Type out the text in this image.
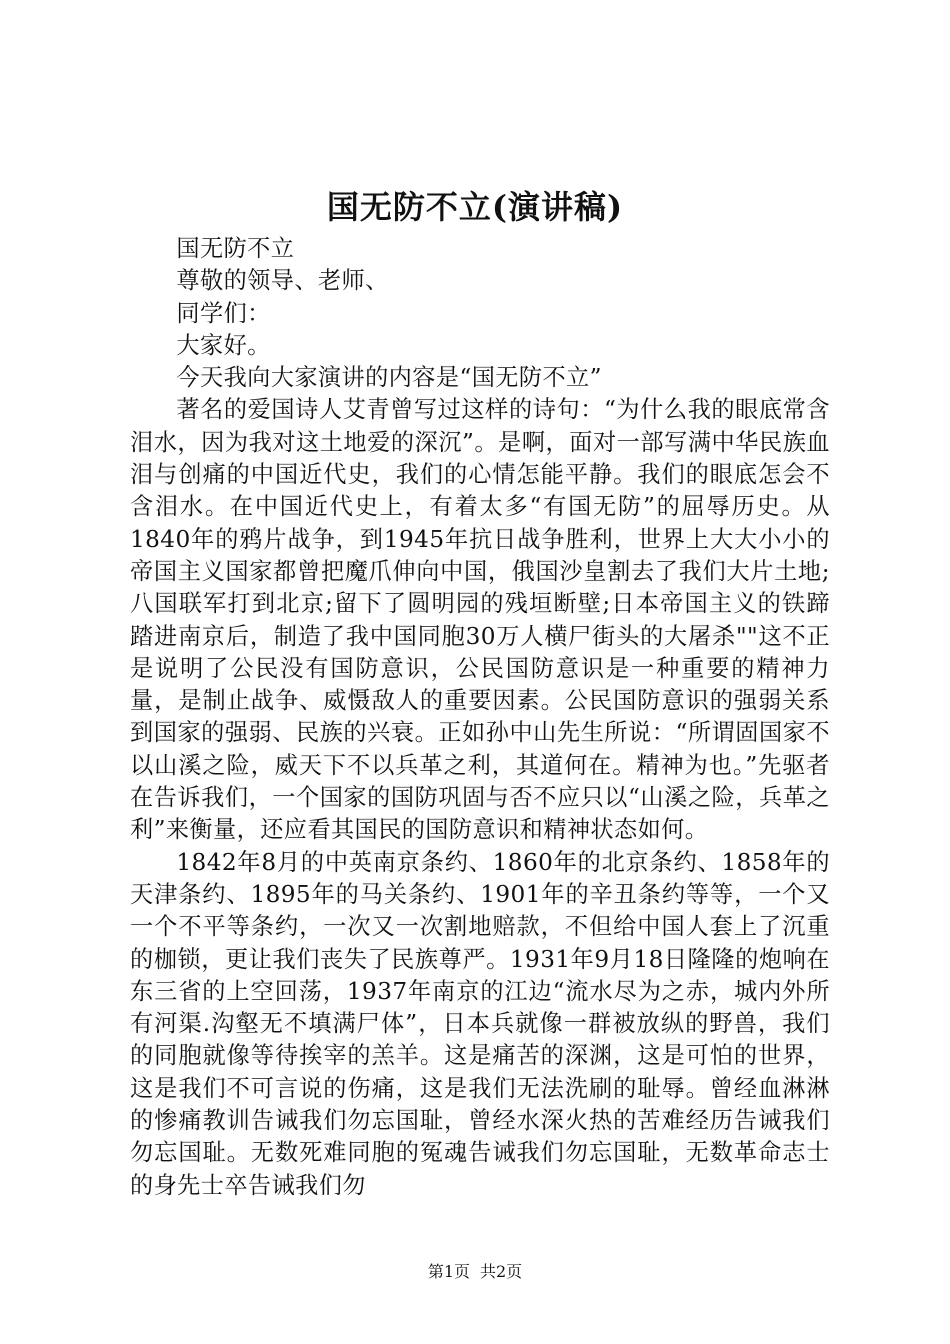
国无防不立(演讲稿)

国无防不立

尊敬的领导、老师、

同学们：

大家好。

今天我向大家演讲的内容是“国无防不立”

著名的爱国诗人艾青曾写过这样的诗句：“为什么我的眼底常含泪水，因为我对这土地爱的深沉”。是啊，面对一部写满中华民族血泪与创痛的中国近代史，我们的心情怎能平静。我们的眼底怎会不含泪水。在中国近代史上，有着太多“有国无防”的屈辱历史。从1840年的鸦片战争，到1945年抗日战争胜利，世界上大大小小的帝国主义国家都曾把魔爪伸向中国，俄国沙皇割去了我们大片土地;八国联军打到北京;留下了圆明园的残垣断壁;日本帝国主义的铁蹄踏进南京后，制造了我中国同胞30万人横尸街头的大屠杀""这不正是说明了公民没有国防意识，公民国防意识是一种重要的精神力量，是制止战争、威慑敌人的重要因素。公民国防意识的强弱关系到国家的强弱、民族的兴衰。正如孙中山先生所说：“所谓固国家不以山溪之险，威天下不以兵革之利，其道何在。精神为也。”先驱者在告诉我们，一个国家的国防巩固与否不应只以“山溪之险，兵革之利”来衡量，还应看其国民的国防意识和精神状态如何。

1842年8月的中英南京条约、1860年的北京条约、1858年的天津条约、1895年的马关条约、1901年的辛丑条约等等，一个又一个不平等条约，一次又一次割地赔款，不但给中国人套上了沉重的枷锁，更让我们丧失了民族尊严。1931年9月18日隆隆的炮响在东三省的上空回荡，1937年南京的江边“流水尽为之赤，城内外所有河渠.沟壑无不填满尸体”，日本兵就像一群被放纵的野兽，我们的同胞就像等待挨宰的羔羊。这是痛苦的深渊，这是可怕的世界，这是我们不可言说的伤痛，这是我们无法洗刷的耻辱。曾经血淋淋的惨痛教训告诫我们勿忘国耻，曾经水深火热的苦难经历告诫我们勿忘国耻。无数死难同胞的冤魂告诫我们勿忘国耻，无数革命志士的身先士卒告诫我们勿

第1页 共2页
